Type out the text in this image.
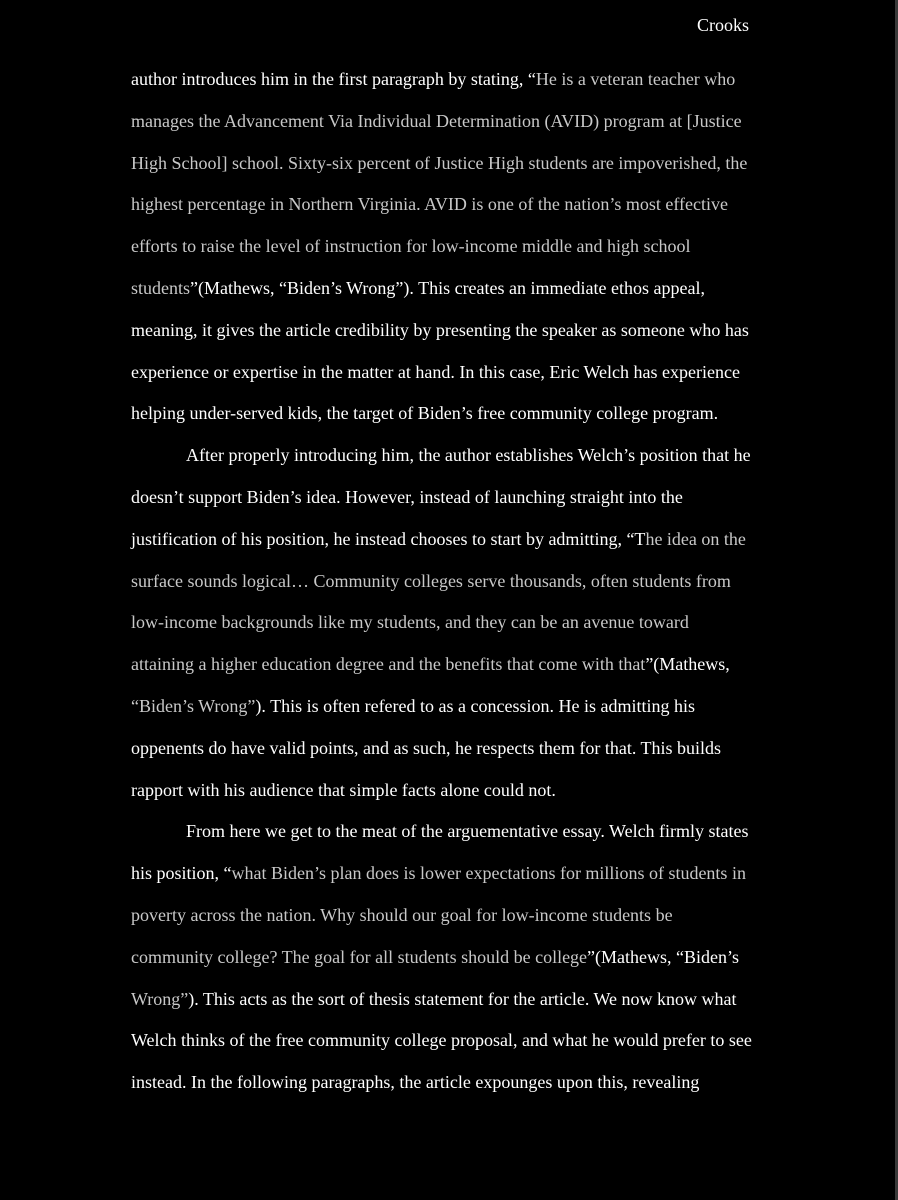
Crooks
author introduces him in the first paragraph by stating, “He is a veteran teacher who
manages the Advancement Via Individual Determination (AVID) program at [Justice
High School] school. Sixty-six percent of Justice High students are impoverished, the
highest percentage in Northern Virginia. AVID is one of the nation’s most effective
efforts to raise the level of instruction for low-income middle and high school
students”(Mathews, “Biden’s Wrong”). This creates an immediate ethos appeal,
meaning, it gives the article credibility by presenting the speaker as someone who has
experience or expertise in the matter at hand. In this case, Eric Welch has experience
helping under-served kids, the target of Biden’s free community college program.
After properly introducing him, the author establishes Welch’s position that he
doesn’t support Biden’s idea. However, instead of launching straight into the
justification of his position, he instead chooses to start by admitting, “The idea on the
surface sounds logical… Community colleges serve thousands, often students from
low-income backgrounds like my students, and they can be an avenue toward
attaining a higher education degree and the benefits that come with that”(Mathews,
“Biden’s Wrong”). This is often refered to as a concession. He is admitting his
oppenents do have valid points, and as such, he respects them for that. This builds
rapport with his audience that simple facts alone could not.
From here we get to the meat of the arguementative essay. Welch firmly states
his position, “what Biden’s plan does is lower expectations for millions of students in
poverty across the nation. Why should our goal for low-income students be
community college? The goal for all students should be college”(Mathews, “Biden’s
Wrong”). This acts as the sort of thesis statement for the article. We now know what
Welch thinks of the free community college proposal, and what he would prefer to see
instead. In the following paragraphs, the article expounges upon this, revealing
